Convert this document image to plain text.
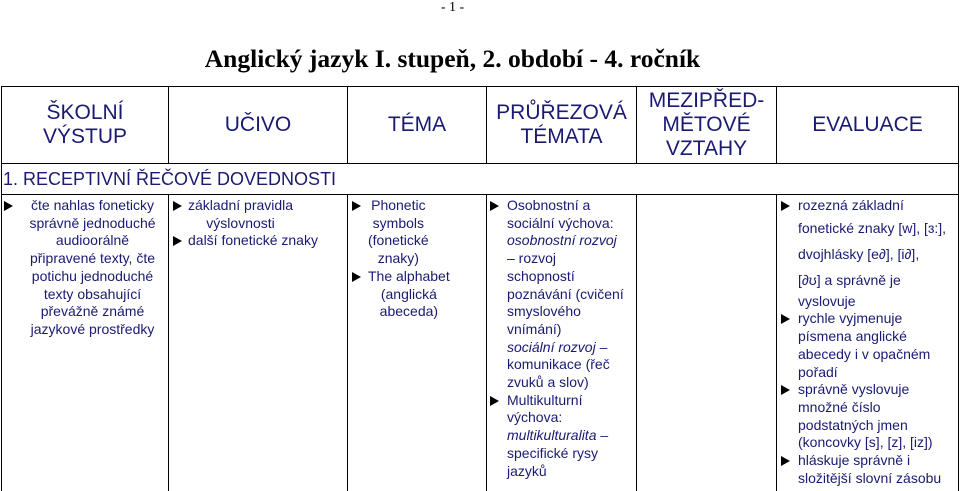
- 1 -
Anglický jazyk I. stupeň, 2. období - 4. ročník
ŠKOLNÍ
VÝSTUP
UČIVO	TÉMA
PRŮŘEZOVÁ
TÉMATA
MEZIPŘED-
MĚTOVÉ
VZTAHY
EVALUACE
1. RECEPTIVNÍ ŘEČOVÉ DOVEDNOSTI
čte nahlas foneticky
správně jednoduché
audioorálně
připravené texty, čte
potichu jednoduché
texty obsahující
převážně známé
jazykové prostředky
základní pravidla
výslovnosti
další fonetické znaky
Phonetic
symbols
(fonetické
znaky)
The alphabet
(anglická
abeceda)
Osobnostní a
sociální výchova:
osobnostní rozvoj
– rozvoj
schopností
poznávání (cvičení
smyslového
vnímání)
sociální rozvoj –
komunikace (řeč
zvuků a slov)
Multikulturní
výchova:
multikulturalita –
specifické rysy
jazyků
rozezná základní
fonetické znaky [w], [ɜ:],
dvojhlásky [e∂], [i∂],
[∂ʊ] a správně je
vyslovuje
rychle vyjmenuje
písmena anglické
abecedy i v opačném
pořadí
správně vyslovuje
množné číslo
podstatných jmen
(koncovky [s], [z], [iz])
hláskuje správně i
složitější slovní zásobu
